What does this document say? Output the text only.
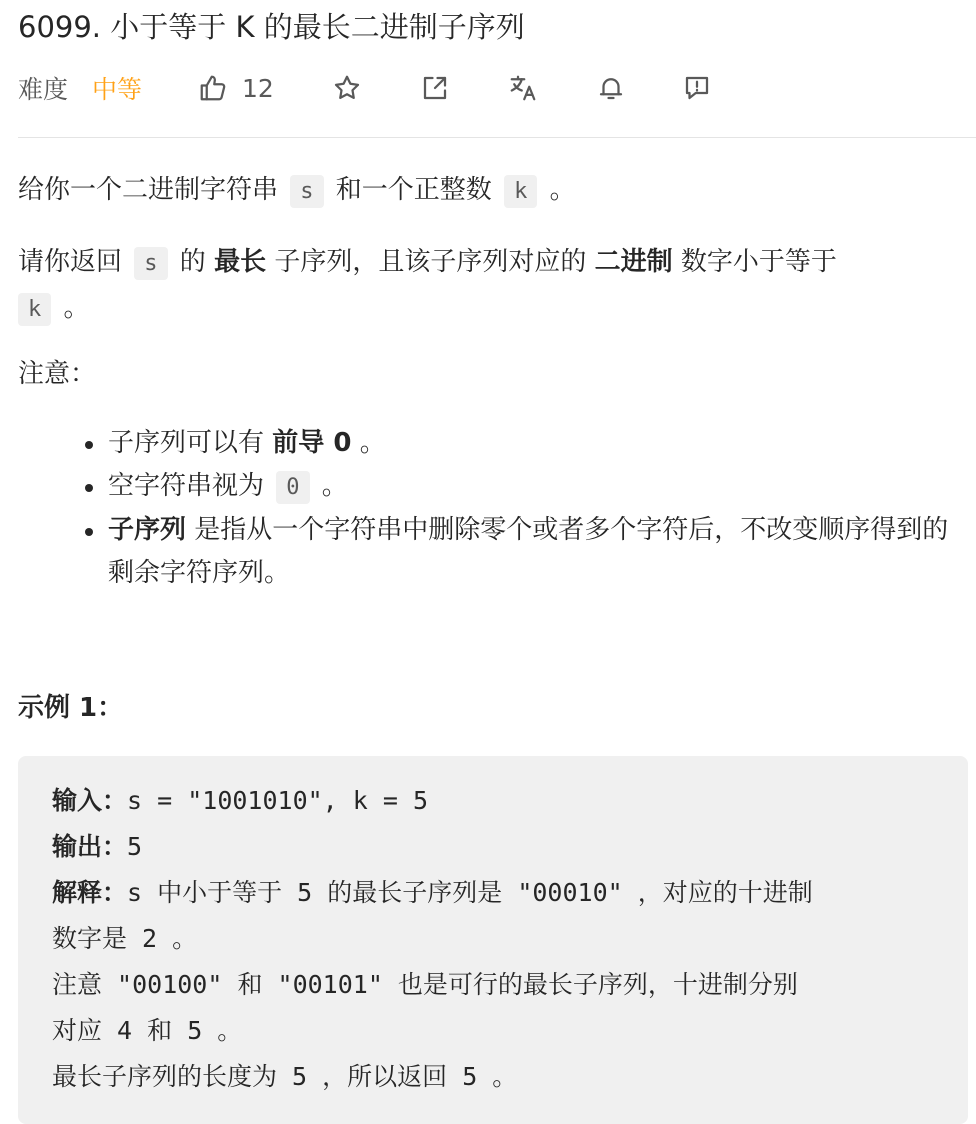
6099. 小于等于 K 的最长二进制子序列
难度 中等	12

给你一个二进制字符串 s 和一个正整数 k 。

请你返回 s 的 最长 子序列，且该子序列对应的 二进制 数字小于等于
k 。

注意：

子序列可以有 前导 0 。
空字符串视为 0 。
子序列 是指从一个字符串中删除零个或者多个字符后，不改变顺序得到的剩余字符序列。
示例 1：
输入：s = "1001010", k = 5
输出：5
解释：s 中小于等于 5 的最长子序列是 "00010" ，对应的十进制
数字是 2 。
注意 "00100" 和 "00101" 也是可行的最长子序列，十进制分别
对应 4 和 5 。
最长子序列的长度为 5 ，所以返回 5 。
